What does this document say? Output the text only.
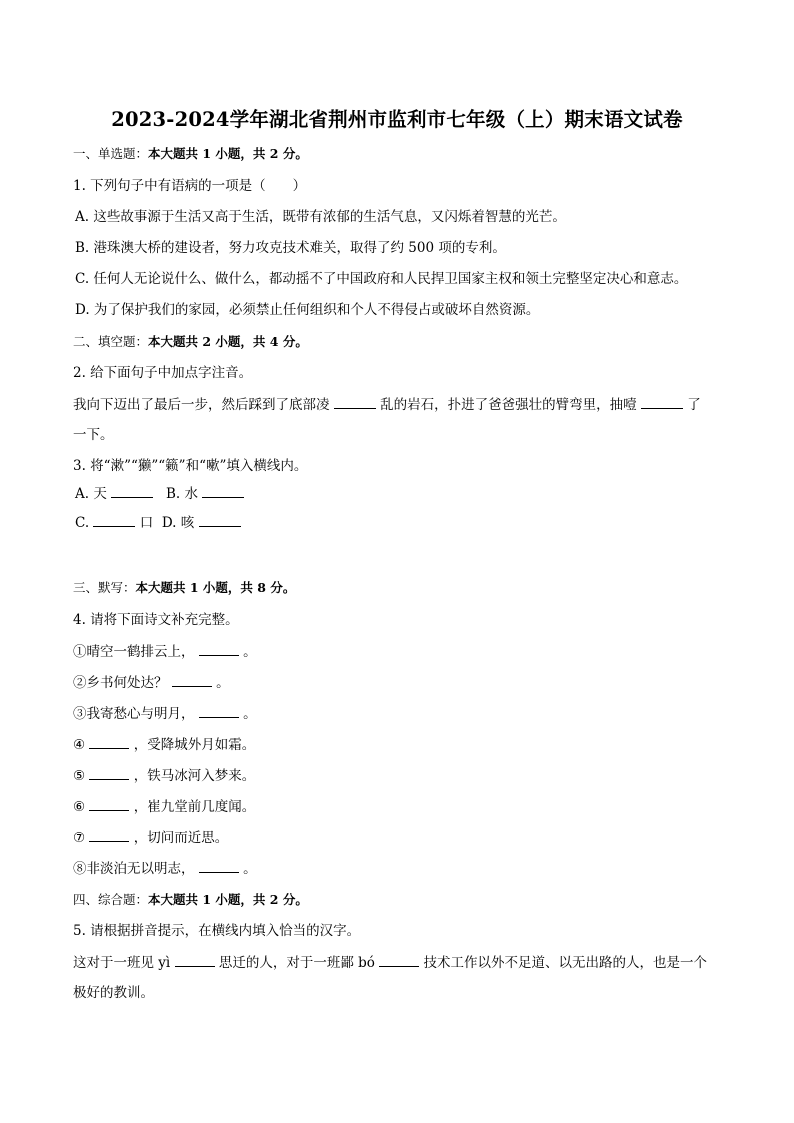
2023-2024学年湖北省荆州市监利市七年级（上）期末语文试卷
一、单选题：本大题共 1 小题，共 2 分。
1. 下列句子中有语病的一项是（　　）
A. 这些故事源于生活又高于生活，既带有浓郁的生活气息，又闪烁着智慧的光芒。
B. 港珠澳大桥的建设者，努力攻克技术难关，取得了约 500 项的专利。
C. 任何人无论说什么、做什么，都动摇不了中国政府和人民捍卫国家主权和领土完整坚定决心和意志。
D. 为了保护我们的家园，必须禁止任何组织和个人不得侵占或破坏自然资源。
二、填空题：本大题共 2 小题，共 4 分。
2. 给下面句子中加点字注音。
我向下迈出了最后一步，然后踩到了底部凌	乱的岩石，扑进了爸爸强壮的臂弯里，抽噎	了
一下。
3. 将“漱”“獭”“籁”和“嗽”填入横线内。
A. 天	B. 水
C.	口 D. 咳
三、默写：本大题共 1 小题，共 8 分。
4. 请将下面诗文补充完整。
①晴空一鹤排云上，	。
②乡书何处达？	。
③我寄愁心与明月，	。
④	，受降城外月如霜。
⑤	，铁马冰河入梦来。
⑥	，崔九堂前几度闻。
⑦	，切问而近思。
⑧非淡泊无以明志，	。
四、综合题：本大题共 1 小题，共 2 分。
5. 请根据拼音提示，在横线内填入恰当的汉字。
这对于一班见 yì	思迁的人，对于一班鄙 bó	技术工作以外不足道、以无出路的人，也是一个
极好的教训。
